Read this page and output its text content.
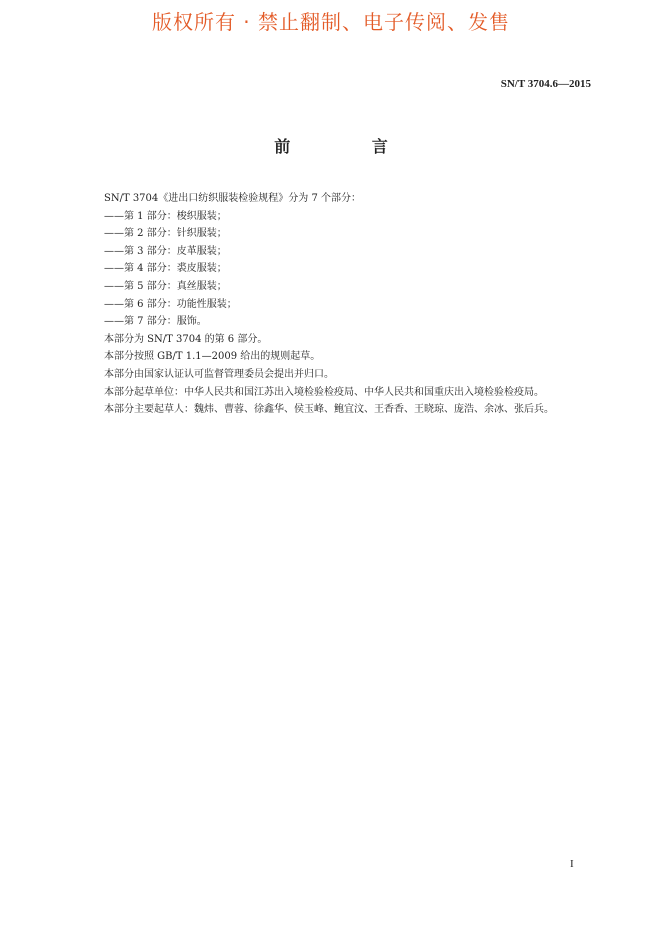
版权所有 · 禁止翻制、电子传阅、发售
SN/T 3704.6—2015
前 言

SN/T 3704《进出口纺织服装检验规程》分为 7 个部分：

——第 1 部分：梭织服装；

——第 2 部分：针织服装；

——第 3 部分：皮革服装；

——第 4 部分：裘皮服装；

——第 5 部分：真丝服装；

——第 6 部分：功能性服装；

——第 7 部分：服饰。

本部分为 SN/T 3704 的第 6 部分。

本部分按照 GB/T 1.1—2009 给出的规则起草。

本部分由国家认证认可监督管理委员会提出并归口。

本部分起草单位：中华人民共和国江苏出入境检验检疫局、中华人民共和国重庆出入境检验检疫局。

本部分主要起草人：魏炜、曹蓉、徐鑫华、侯玉峰、鲍宜汶、王香香、王晓琼、庞浩、余冰、张后兵。

I
